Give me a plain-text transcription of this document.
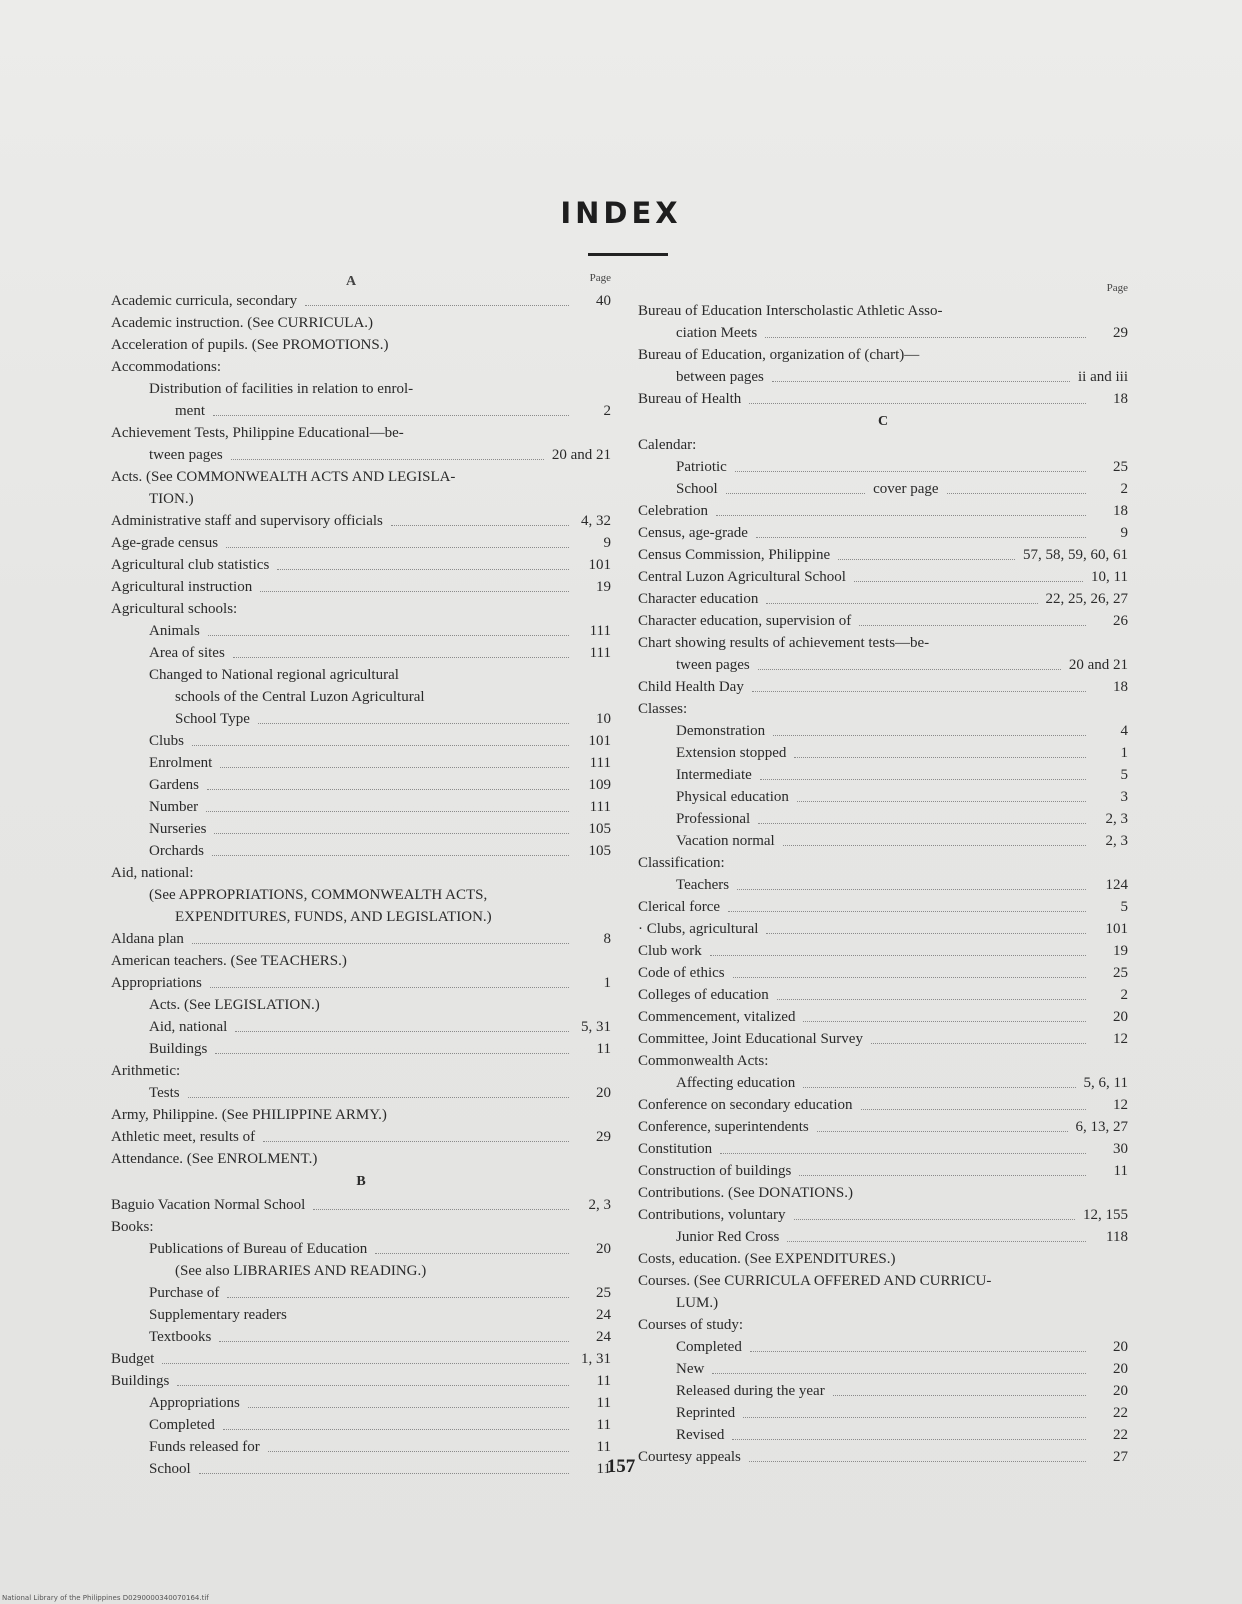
INDEX
A	Page
Academic curricula, secondary	40
Academic instruction. (See CURRICULA.)
Acceleration of pupils. (See PROMOTIONS.)
Accommodations:
Distribution of facilities in relation to enrol-
ment	2
Achievement Tests, Philippine Educational—be-
tween pages	20 and 21
Acts. (See COMMONWEALTH ACTS AND LEGISLA-
TION.)
Administrative staff and supervisory officials	4, 32
Age-grade census	9
Agricultural club statistics	101
Agricultural instruction	19
Agricultural schools:
Animals	111
Area of sites	111
Changed to National regional agricultural
schools of the Central Luzon Agricultural
School Type	10
Clubs	101
Enrolment	111
Gardens	109
Number	111
Nurseries	105
Orchards	105
Aid, national:
(See APPROPRIATIONS, COMMONWEALTH ACTS,
EXPENDITURES, FUNDS, AND LEGISLATION.)
Aldana plan	8
American teachers. (See TEACHERS.)
Appropriations	1
Acts. (See LEGISLATION.)
Aid, national	5, 31
Buildings	11
Arithmetic:
Tests	20
Army, Philippine. (See PHILIPPINE ARMY.)
Athletic meet, results of	29
Attendance. (See ENROLMENT.)
B
Baguio Vacation Normal School	2, 3
Books:
Publications of Bureau of Education	20
(See also LIBRARIES AND READING.)
Purchase of	25
Supplementary readers	24
Textbooks	24
Budget	1, 31
Buildings	11
Appropriations	11
Completed	11
Funds released for	11
School	11
Page
Bureau of Education Interscholastic Athletic Asso-
ciation Meets	29
Bureau of Education, organization of (chart)—
between pages	ii and iii
Bureau of Health	18
C
Calendar:
Patriotic	25
School	cover page	2
Celebration	18
Census, age-grade	9
Census Commission, Philippine	57, 58, 59, 60, 61
Central Luzon Agricultural School	10, 11
Character education	22, 25, 26, 27
Character education, supervision of	26
Chart showing results of achievement tests—be-
tween pages	20 and 21
Child Health Day	18
Classes:
Demonstration	4
Extension stopped	1
Intermediate	5
Physical education	3
Professional	2, 3
Vacation normal	2, 3
Classification:
Teachers	124
Clerical force	5
· Clubs, agricultural	101
Club work	19
Code of ethics	25
Colleges of education	2
Commencement, vitalized	20
Committee, Joint Educational Survey	12
Commonwealth Acts:
Affecting education	5, 6, 11
Conference on secondary education	12
Conference, superintendents	6, 13, 27
Constitution	30
Construction of buildings	11
Contributions. (See DONATIONS.)
Contributions, voluntary	12, 155
Junior Red Cross	118
Costs, education. (See EXPENDITURES.)
Courses. (See CURRICULA OFFERED AND CURRICU-
LUM.)
Courses of study:
Completed	20
New	20
Released during the year	20
Reprinted	22
Revised	22
Courtesy appeals	27
157
National Library of the Philippines D0290000340070164.tif
